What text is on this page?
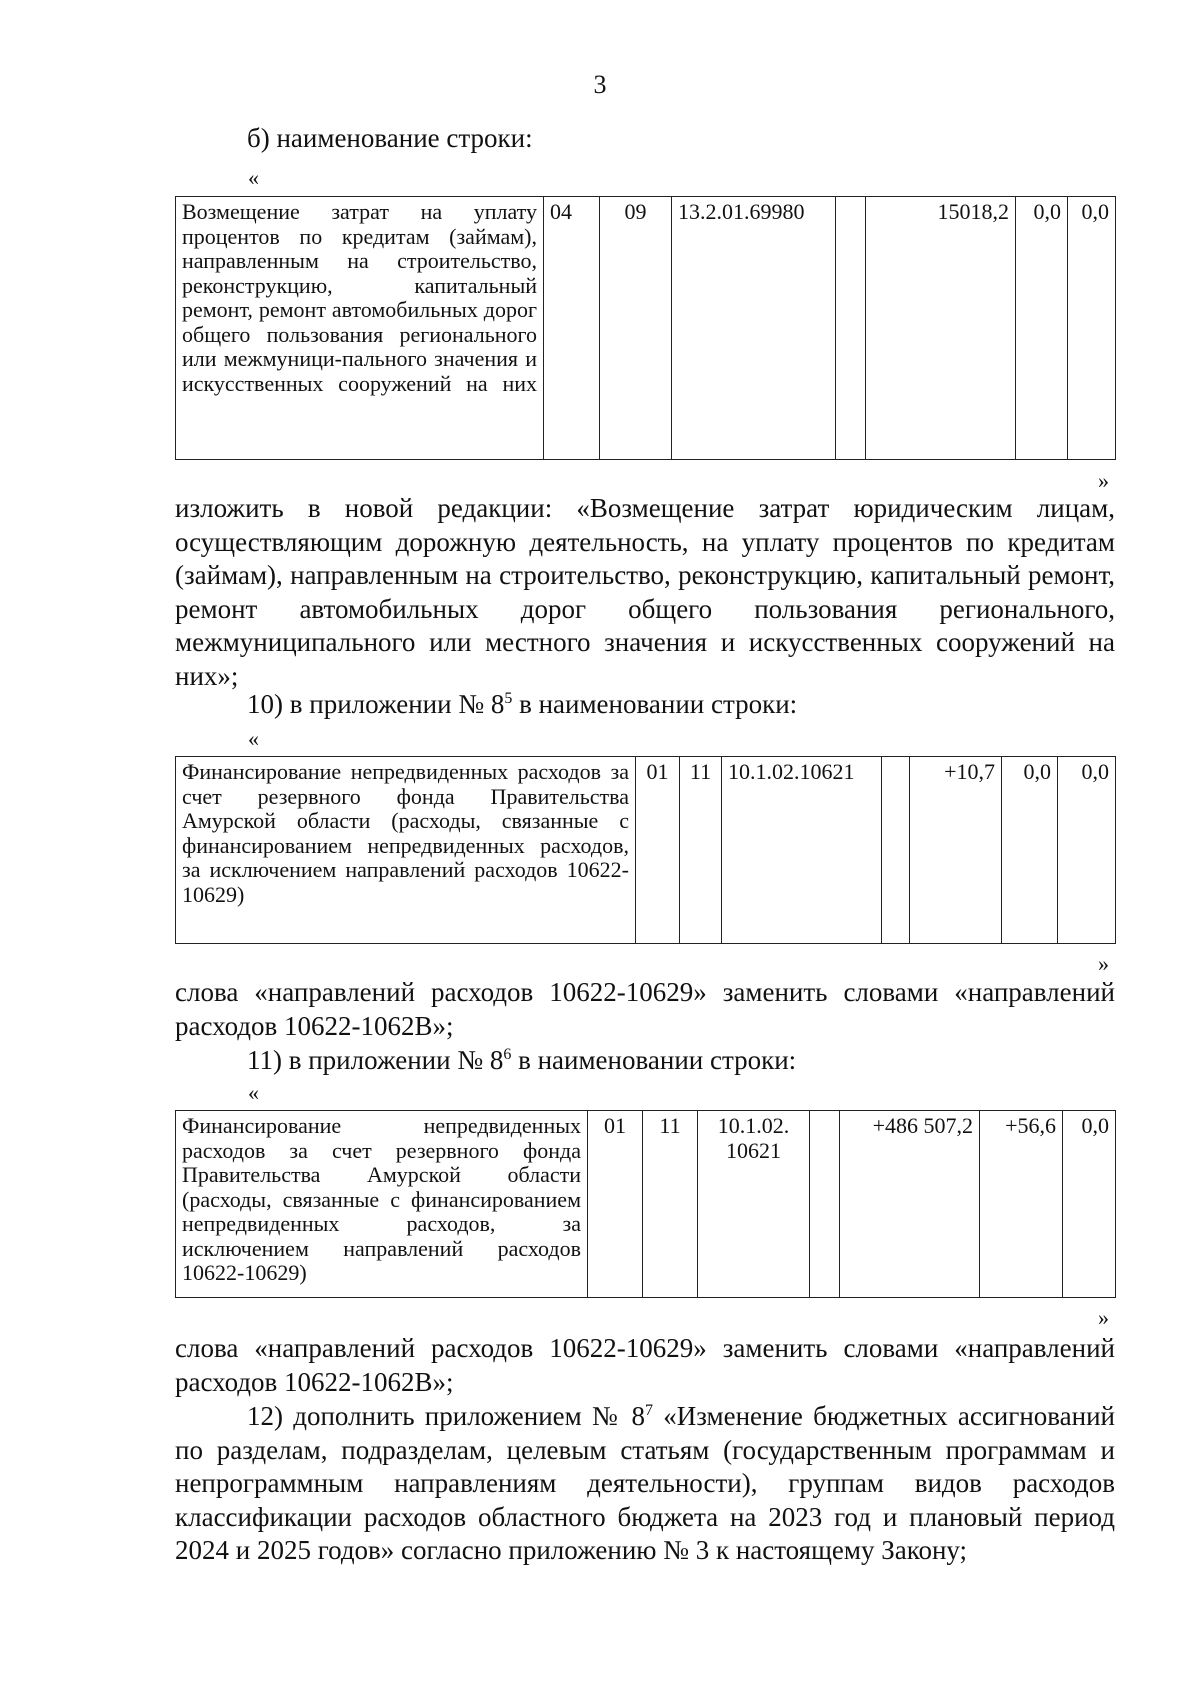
3
б) наименование строки:
«
Возмещение затрат на уплату процентов по кредитам (займам), направленным на строительство, реконструкцию, капитальный ремонт, ремонт автомобильных дорог общего пользования регионального или межмуници-пального значения и искусственных сооружений на них	04	09	13.2.01.69980		15018,2	0,0	0,0
»
изложить в новой редакции: «Возмещение затрат юридическим лицам, осуществляющим дорожную деятельность, на уплату процентов по кредитам (займам), направленным на строительство, реконструкцию, капитальный ремонт, ремонт автомобильных дорог общего пользования регионального, межмуниципального или местного значения и искусственных сооружений на них»;
10) в приложении № $8^5$ в наименовании строки:
«
Финансирование непредвиденных расходов за счет резервного фонда Правительства Амурской области (расходы, связанные с финансированием непредвиденных расходов, за исключением направлений расходов 10622-10629)	01	11	10.1.02.10621		+10,7	0,0	0,0
»
слова «направлений расходов 10622-10629» заменить словами «направлений расходов 10622-1062В»;
11) в приложении № $8^6$ в наименовании строки:
«
Финансирование непредвиденных расходов за счет резервного фонда Правительства Амурской области (расходы, связанные с финансированием непредвиденных расходов, за исключением направлений расходов 10622-10629)	01	11	10.1.02. 10621		+486 507,2	+56,6	0,0
»
слова «направлений расходов 10622-10629» заменить словами «направлений расходов 10622-1062В»;
12) дополнить приложением № $8^7$ «Изменение бюджетных ассигнований по разделам, подразделам, целевым статьям (государственным программам и непрограммным направлениям деятельности), группам видов расходов классификации расходов областного бюджета на 2023 год и плановый период 2024 и 2025 годов» согласно приложению № 3 к настоящему Закону;
